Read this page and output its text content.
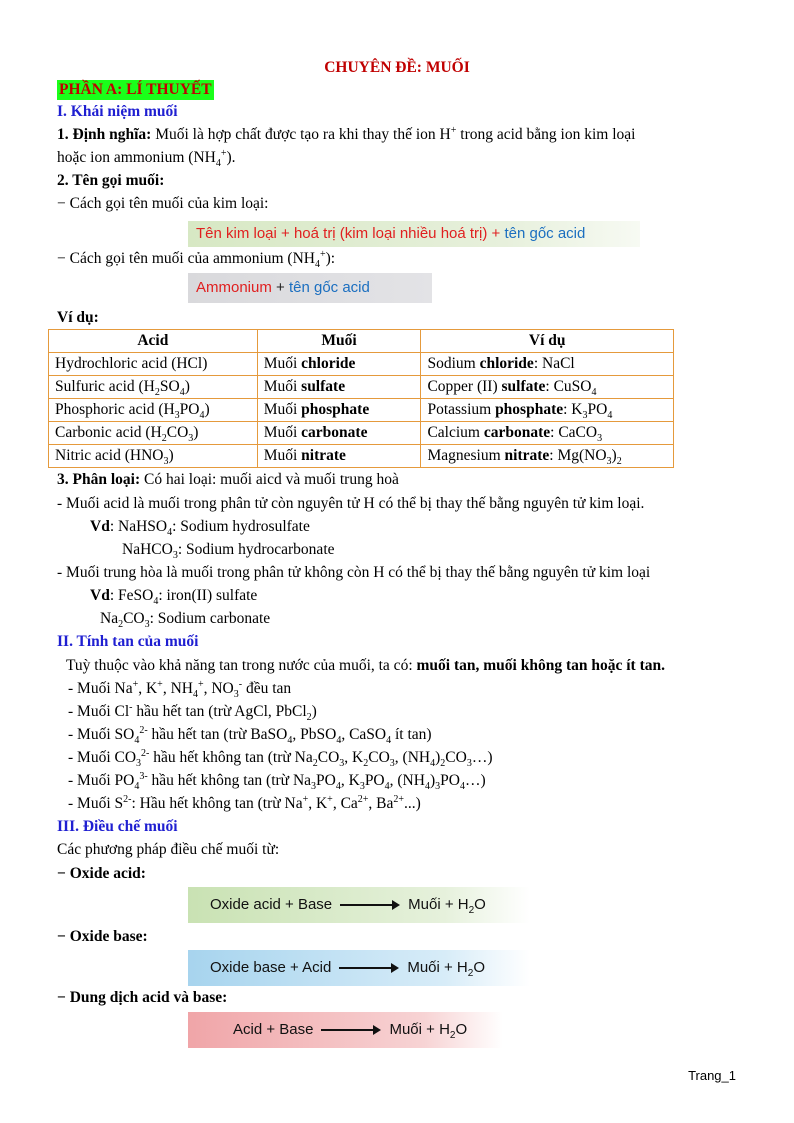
CHUYÊN ĐỀ: MUỐI
PHẦN A: LÍ THUYẾT
I. Khái niệm muối
1. Định nghĩa: Muối là hợp chất được tạo ra khi thay thế ion H+ trong acid bằng ion kim loại
hoặc ion ammonium $(NH_4^+)$.
2. Tên gọi muối:
− Cách gọi tên muối của kim loại:
Tên kim loại + hoá trị (kim loại nhiều hoá trị) + tên gốc acid
− Cách gọi tên muối của ammonium $(NH_4^+)$:
Ammonium + tên gốc acid
Ví dụ:
Acid	Muối	Ví dụ
Hydrochloric acid (HCl)	Muối chloride	Sodium chloride: NaCl
Sulfuric acid $(H_2SO_4)$	Muối sulfate	Copper (II) sulfate: CuSO$_4$
Phosphoric acid $(H_3PO_4)$	Muối phosphate	Potassium phosphate: $K_3PO_4$
Carbonic acid $(H_2CO_3)$	Muối carbonate	Calcium carbonate: CaCO$_3$
Nitric acid $(HNO_3)$	Muối nitrate	Magnesium nitrate: $Mg(NO_3)_2$
3. Phân loại: Có hai loại: muối aicd và muối trung hoà
- Muối acid là muối trong phân tử còn nguyên tử H có thể bị thay thế bằng nguyên tử kim loại.
Vd: NaHSO$_4$: Sodium hydrosulfate
NaHCO$_3$: Sodium hydrocarbonate
- Muối trung hòa là muối trong phân tử không còn H có thể bị thay thế bằng nguyên tử kim loại
Vd: FeSO$_4$: iron(II) sulfate
$Na_2CO_3$: Sodium carbonate
II. Tính tan của muối
Tuỳ thuộc vào khả năng tan trong nước của muối, ta có: muối tan, muối không tan hoặc ít tan.
- Muối Na+, K+, $NH_4^+$, $NO_3^-$ đều tan
- Muối Cl- hầu hết tan (trừ AgCl, PbCl$_2$)
- Muối $SO_4^{2-}$ hầu hết tan (trừ BaSO$_4$, PbSO$_4$, CaSO$_4$ ít tan)
- Muối $CO_3^{2-}$ hầu hết không tan (trừ $Na_2CO_3$, $K_2CO_3$, $(NH_4)_2CO_3\dots$)
- Muối $PO_4^{3-}$ hầu hết không tan (trừ $Na_3PO_4$, $K_3PO_4$, $(NH_4)_3PO_4\dots$)
- Muối $S^{2-}$: Hầu hết không tan (trừ Na+, K+, $Ca^{2+}$, $Ba^{2+}$...)
III. Điều chế muối
Các phương pháp điều chế muối từ:
− Oxide acid:
Oxide acid + Base	Muối + $H_2O$
− Oxide base:
Oxide base + Acid	Muối + $H_2O$
− Dung dịch acid và base:
Acid + Base	Muối + $H_2O$
Trang_1
